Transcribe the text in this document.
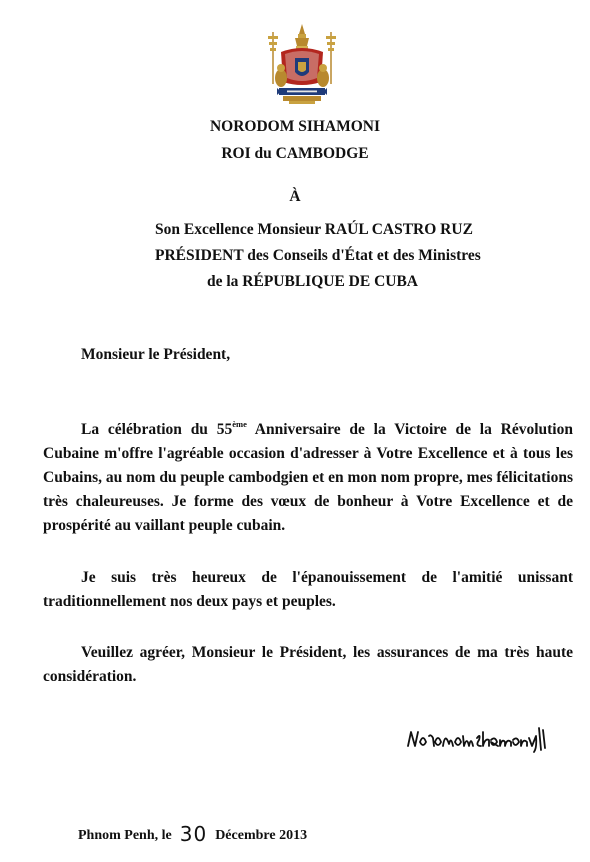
NORODOM SIHAMONI
ROI du CAMBODGE
À
Son Excellence Monsieur RAÚL CASTRO RUZ
PRÉSIDENT des Conseils d'État et des Ministres
de la RÉPUBLIQUE DE CUBA
Monsieur le Président,
La célébration du 55ème Anniversaire de la Victoire de la Révolution Cubaine m'offre l'agréable occasion d'adresser à Votre Excellence et à tous les Cubains, au nom du peuple cambodgien et en mon nom propre, mes félicitations très chaleureuses. Je forme des vœux de bonheur à Votre Excellence et de prospérité au vaillant peuple cubain.
Je suis très heureux de l'épanouissement de l'amitié unissant traditionnellement nos deux pays et peuples.
Veuillez agréer, Monsieur le Président, les assurances de ma très haute considération.
Phnom Penh, le 30 Décembre 2013
